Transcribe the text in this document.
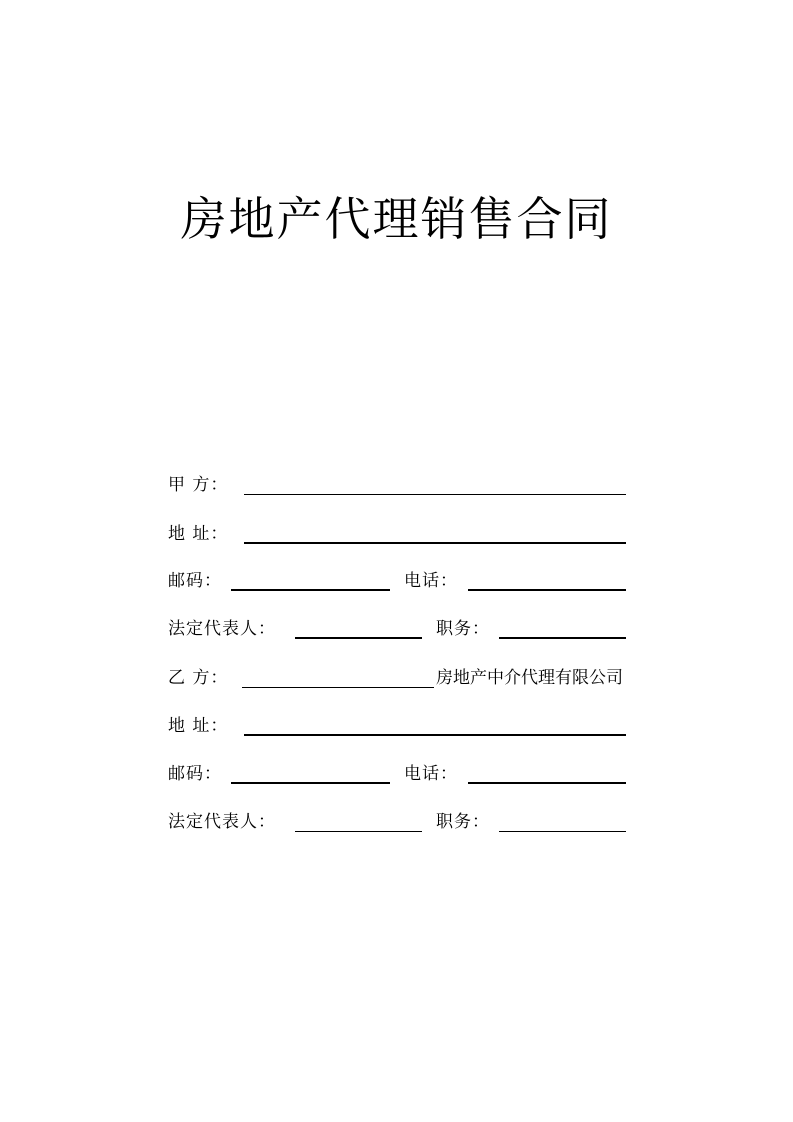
房地产代理销售合同
甲 方：
地 址：
邮码：	电话：
法定代表人：	职务：
乙 方：	房地产中介代理有限公司
地 址：
邮码：	电话：
法定代表人：	职务：
